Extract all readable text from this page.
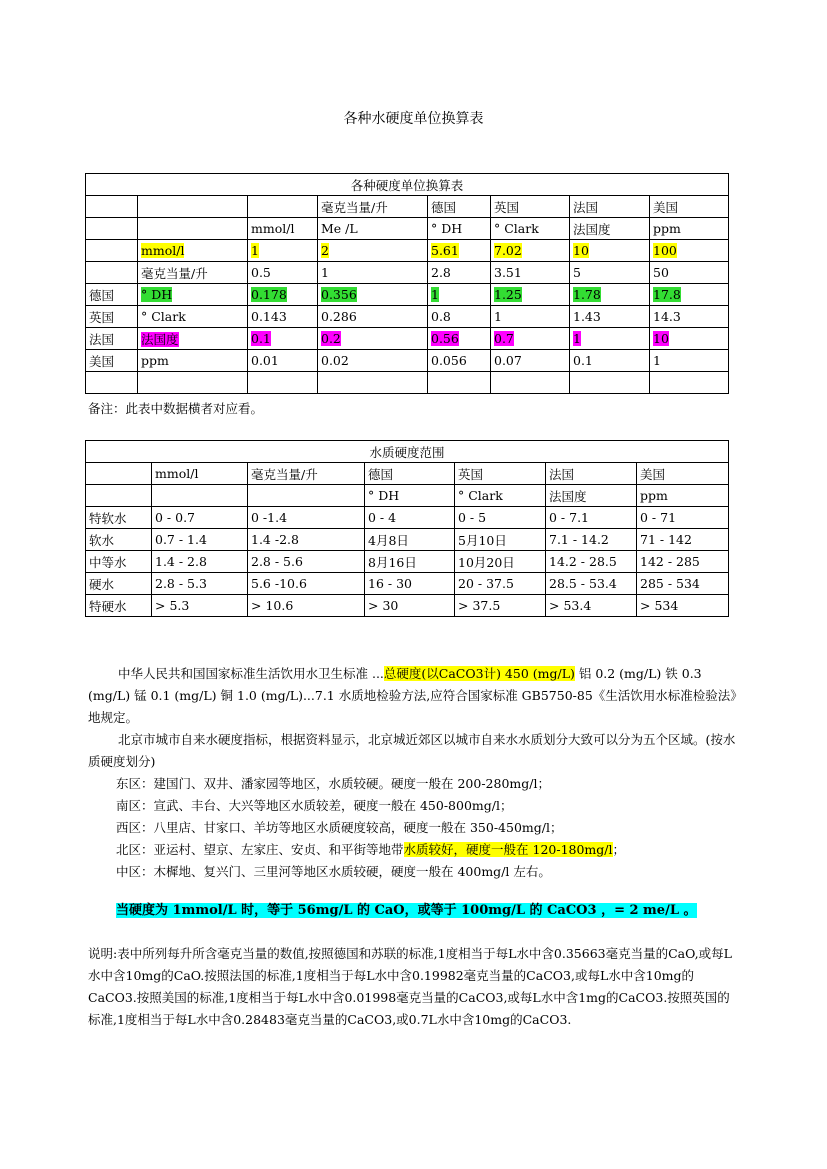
各种水硬度单位换算表
各种硬度单位换算表							
			毫克当量/升	德国	英国	法国	美国
		mmol/l	Me /L	° DH	° Clark	法国度	ppm
	mmol/l	1	2	5.61	7.02	10	100
	毫克当量/升	0.5	1	2.8	3.51	5	50
德国	° DH	0.178	0.356	1	1.25	1.78	17.8
英国	° Clark	0.143	0.286	0.8	1	1.43	14.3
法国	法国度	0.1	0.2	0.56	0.7	1	10
美国	ppm	0.01	0.02	0.056	0.07	0.1	1

备注：此表中数据横者对应看。
水质硬度范围						
	mmol/l	毫克当量/升	德国	英国	法国	美国
			° DH	° Clark	法国度	ppm
特软水	0 - 0.7	0 -1.4	0 - 4	0 - 5	0 - 7.1	0 - 71
软水	0.7 - 1.4	1.4 -2.8	4月8日	5月10日	7.1 - 14.2	71 - 142
中等水	1.4 - 2.8	2.8 - 5.6	8月16日	10月20日	14.2 - 28.5	142 - 285
硬水	2.8 - 5.3	5.6 -10.6	16 - 30	20 - 37.5	28.5 - 53.4	285 - 534
特硬水	> 5.3	> 10.6	> 30	> 37.5	> 53.4	> 534
中华人民共和国国家标准生活饮用水卫生标准 ...总硬度(以CaCO3计) 450 (mg/L) 铝 0.2 (mg/L) 铁 0.3 (mg/L) 锰 0.1 (mg/L) 铜 1.0 (mg/L)...7.1 水质地检验方法,应符合国家标准 GB5750-85《生活饮用水标准检验法》地规定。
北京市城市自来水硬度指标，根据资料显示，北京城近郊区以城市自来水水质划分大致可以分为五个区域。(按水质硬度划分)
东区：建国门、双井、潘家园等地区，水质较硬。硬度一般在 200-280mg/l；
南区：宣武、丰台、大兴等地区水质较差，硬度一般在 450-800mg/l；
西区：八里店、甘家口、羊坊等地区水质硬度较高，硬度一般在 350-450mg/l；
北区：亚运村、望京、左家庄、安贞、和平街等地带水质较好，硬度一般在 120-180mg/l；
中区：木樨地、复兴门、三里河等地区水质较硬，硬度一般在 400mg/l 左右。
当硬度为 1mmol/L 时，等于 56mg/L 的 CaO，或等于 100mg/L 的 CaCO3 ，= 2 me/L 。
说明:表中所列每升所含毫克当量的数值,按照德国和苏联的标准,1度相当于每L水中含0.35663毫克当量的CaO,或每L水中含10mg的CaO.按照法国的标准,1度相当于每L水中含0.19982毫克当量的CaCO3,或每L水中含10mg的CaCO3.按照美国的标准,1度相当于每L水中含0.01998毫克当量的CaCO3,或每L水中含1mg的CaCO3.按照英国的标准,1度相当于每L水中含0.28483毫克当量的CaCO3,或0.7L水中含10mg的CaCO3.
